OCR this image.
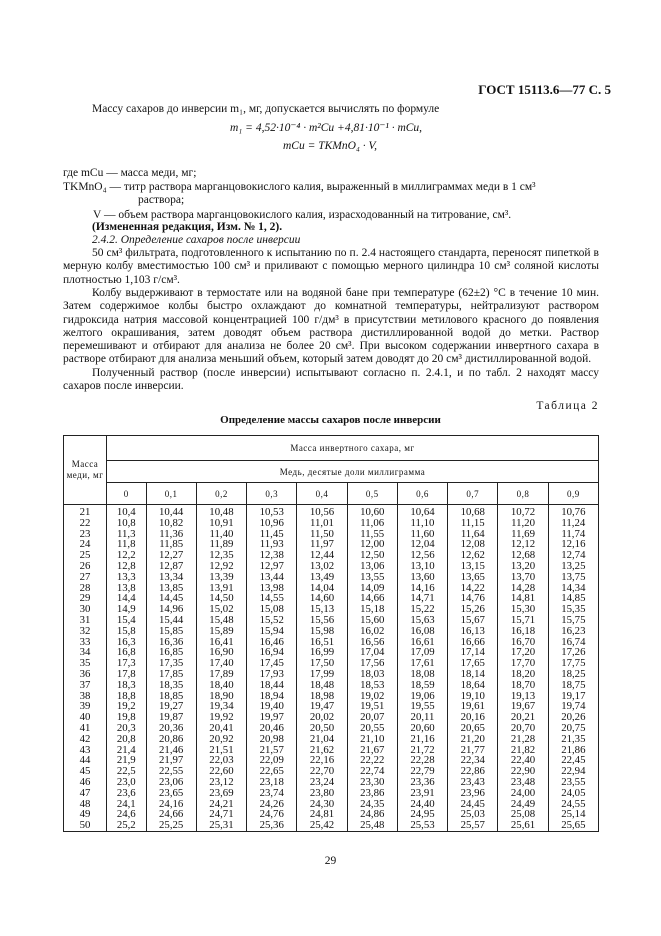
ГОСТ 15113.6—77 С. 5
Массу сахаров до инверсии m₁, мг, допускается вычислять по формуле
m₁ = 4,52·10⁻⁴ · m²Cu +4,81·10⁻¹ · mCu,
mCu = TKMnO₄ · V,
где mCu — масса меди, мг;
TKMnO₄ — титр раствора марганцовокислого калия, выраженный в миллиграммах меди в 1 см³
раствора;
V — объем раствора марганцовокислого калия, израсходованный на титрование, см³.
(Измененная редакция, Изм. № 1, 2).
2.4.2. Определение сахаров после инверсии
50 см³ фильтрата, подготовленного к испытанию по п. 2.4 настоящего стандарта, переносят пипеткой в мерную колбу вместимостью 100 см³ и приливают с помощью мерного цилиндра 10 см³ соляной кислоты плотностью 1,103 г/см³.
Колбу выдерживают в термостате или на водяной бане при температуре (62±2) °С в течение 10 мин. Затем содержимое колбы быстро охлаждают до комнатной температуры, нейтрализуют раствором гидроксида натрия массовой концентрацией 100 г/дм³ в присутствии метилового красного до появления желтого окрашивания, затем доводят объем раствора дистиллированной водой до метки. Раствор перемешивают и отбирают для анализа не более 20 см³. При высоком содержании инвертного сахара в растворе отбирают для анализа меньший объем, который затем доводят до 20 см³ дистиллированной водой.
Полученный раствор (после инверсии) испытывают согласно п. 2.4.1, и по табл. 2 находят массу сахаров после инверсии.
Таблица 2
Определение массы сахаров после инверсии
Масса меди, мг	Масса инвертного сахара, мг									
	Медь, десятые доли миллиграмма									
	0	0,1	0,2	0,3	0,4	0,5	0,6	0,7	0,8	0,9
21	10,4	10,44	10,48	10,53	10,56	10,60	10,64	10,68	10,72	10,76
22	10,8	10,82	10,91	10,96	11,01	11,06	11,10	11,15	11,20	11,24
23	11,3	11,36	11,40	11,45	11,50	11,55	11,60	11,64	11,69	11,74
24	11,8	11,85	11,89	11,93	11,97	12,00	12,04	12,08	12,12	12,16
25	12,2	12,27	12,35	12,38	12,44	12,50	12,56	12,62	12,68	12,74
26	12,8	12,87	12,92	12,97	13,02	13,06	13,10	13,15	13,20	13,25
27	13,3	13,34	13,39	13,44	13,49	13,55	13,60	13,65	13,70	13,75
28	13,8	13,85	13,91	13,98	14,04	14,09	14,16	14,22	14,28	14,34
29	14,4	14,45	14,50	14,55	14,60	14,66	14,71	14,76	14,81	14,85
30	14,9	14,96	15,02	15,08	15,13	15,18	15,22	15,26	15,30	15,35
31	15,4	15,44	15,48	15,52	15,56	15,60	15,63	15,67	15,71	15,75
32	15,8	15,85	15,89	15,94	15,98	16,02	16,08	16,13	16,18	16,23
33	16,3	16,36	16,41	16,46	16,51	16,56	16,61	16,66	16,70	16,74
34	16,8	16,85	16,90	16,94	16,99	17,04	17,09	17,14	17,20	17,26
35	17,3	17,35	17,40	17,45	17,50	17,56	17,61	17,65	17,70	17,75
36	17,8	17,85	17,89	17,93	17,99	18,03	18,08	18,14	18,20	18,25
37	18,3	18,35	18,40	18,44	18,48	18,53	18,59	18,64	18,70	18,75
38	18,8	18,85	18,90	18,94	18,98	19,02	19,06	19,10	19,13	19,17
39	19,2	19,27	19,34	19,40	19,47	19,51	19,55	19,61	19,67	19,74
40	19,8	19,87	19,92	19,97	20,02	20,07	20,11	20,16	20,21	20,26
41	20,3	20,36	20,41	20,46	20,50	20,55	20,60	20,65	20,70	20,75
42	20,8	20,86	20,92	20,98	21,04	21,10	21,16	21,20	21,28	21,35
43	21,4	21,46	21,51	21,57	21,62	21,67	21,72	21,77	21,82	21,86
44	21,9	21,97	22,03	22,09	22,16	22,22	22,28	22,34	22,40	22,45
45	22,5	22,55	22,60	22,65	22,70	22,74	22,79	22,86	22,90	22,94
46	23,0	23,06	23,12	23,18	23,24	23,30	23,36	23,43	23,48	23,55
47	23,6	23,65	23,69	23,74	23,80	23,86	23,91	23,96	24,00	24,05
48	24,1	24,16	24,21	24,26	24,30	24,35	24,40	24,45	24,49	24,55
49	24,6	24,66	24,71	24,76	24,81	24,86	24,95	25,03	25,08	25,14
50	25,2	25,25	25,31	25,36	25,42	25,48	25,53	25,57	25,61	25,65
29
